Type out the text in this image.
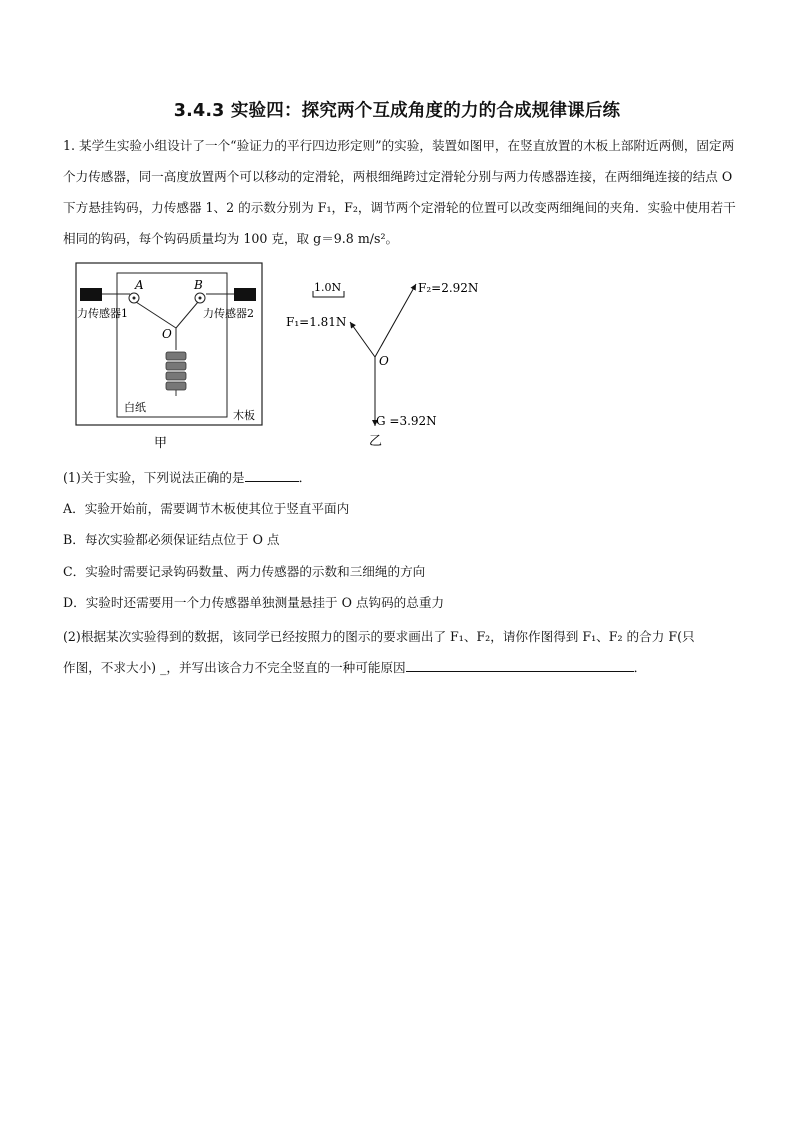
3.4.3 实验四：探究两个互成角度的力的合成规律课后练
1. 某学生实验小组设计了一个“验证力的平行四边形定则”的实验，装置如图甲，在竖直放置的木板上部附近两侧，固定两个力传感器，同一高度放置两个可以移动的定滑轮，两根细绳跨过定滑轮分别与两力传感器连接，在两细绳连接的结点 O 下方悬挂钩码，力传感器 1、2 的示数分别为 F₁，F₂，调节两个定滑轮的位置可以改变两细绳间的夹角．实验中使用若干相同的钩码，每个钩码质量均为 100 克，取 g＝9.8 m/s²。
A	B
O
力传感器1	力传感器2
白纸
木板
甲
1.0N	F₂=2.92N
F₁=1.81N
O
G =3.92N
乙
(1)关于实验，下列说法正确的是	．
A．实验开始前，需要调节木板使其位于竖直平面内
B．每次实验都必须保证结点位于 O 点
C．实验时需要记录钩码数量、两力传感器的示数和三细绳的方向
D．实验时还需要用一个力传感器单独测量悬挂于 O 点钩码的总重力
(2)根据某次实验得到的数据，该同学已经按照力的图示的要求画出了 F₁、F₂，请你作图得到 F₁、F₂ 的合力 F(只
作图，不求大小) _，并写出该合力不完全竖直的一种可能原因	．
